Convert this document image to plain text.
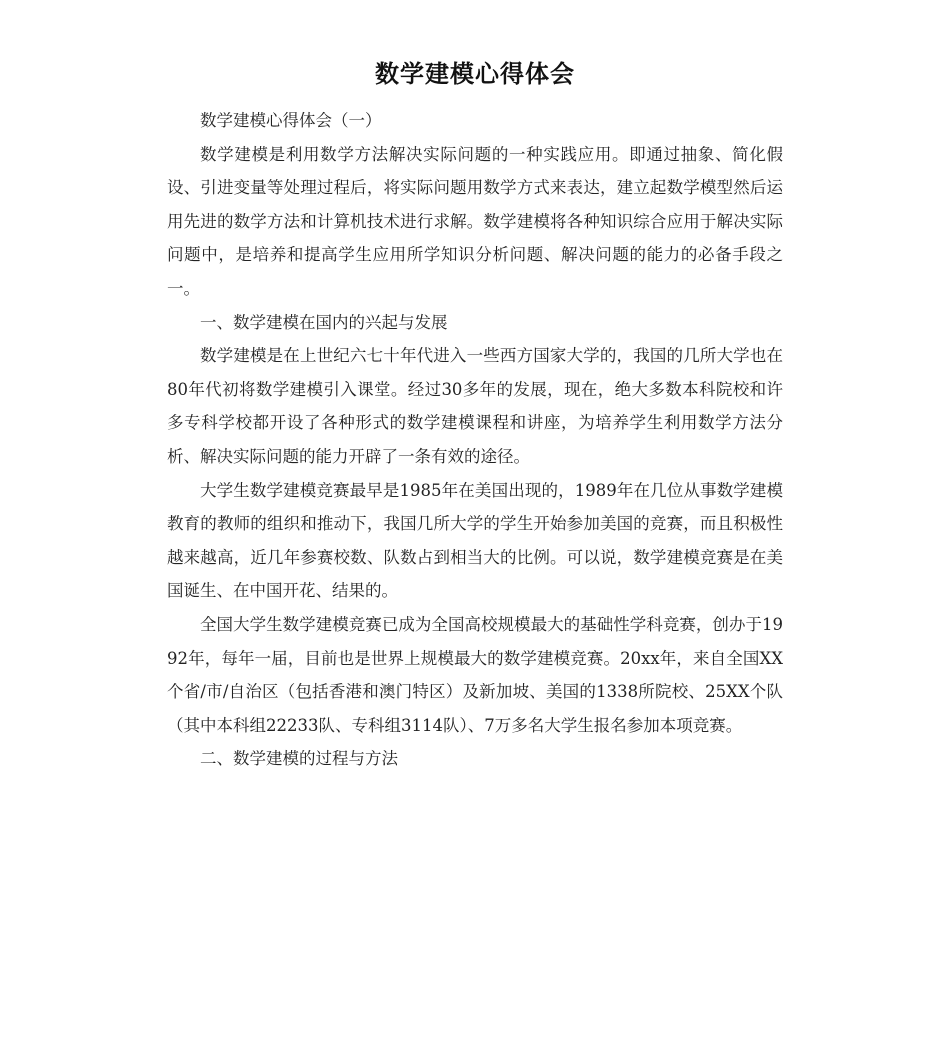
数学建模心得体会

数学建模心得体会（一）

数学建模是利用数学方法解决实际问题的一种实践应用。即通过抽象、简化假设、引进变量等处理过程后，将实际问题用数学方式来表达，建立起数学模型然后运用先进的数学方法和计算机技术进行求解。数学建模将各种知识综合应用于解决实际问题中，是培养和提高学生应用所学知识分析问题、解决问题的能力的必备手段之一。

一、数学建模在国内的兴起与发展

数学建模是在上世纪六七十年代进入一些西方国家大学的，我国的几所大学也在80年代初将数学建模引入课堂。经过30多年的发展，现在，绝大多数本科院校和许多专科学校都开设了各种形式的数学建模课程和讲座，为培养学生利用数学方法分析、解决实际问题的能力开辟了一条有效的途径。

大学生数学建模竞赛最早是1985年在美国出现的，1989年在几位从事数学建模教育的教师的组织和推动下，我国几所大学的学生开始参加美国的竞赛，而且积极性越来越高，近几年参赛校数、队数占到相当大的比例。可以说，数学建模竞赛是在美国诞生、在中国开花、结果的。

全国大学生数学建模竞赛已成为全国高校规模最大的基础性学科竞赛，创办于1992年，每年一届，目前也是世界上规模最大的数学建模竞赛。20xx年，来自全国XX个省/市/自治区（包括香港和澳门特区）及新加坡、美国的1338所院校、25XX个队（其中本科组22233队、专科组3114队）、7万多名大学生报名参加本项竞赛。

二、数学建模的过程与方法
